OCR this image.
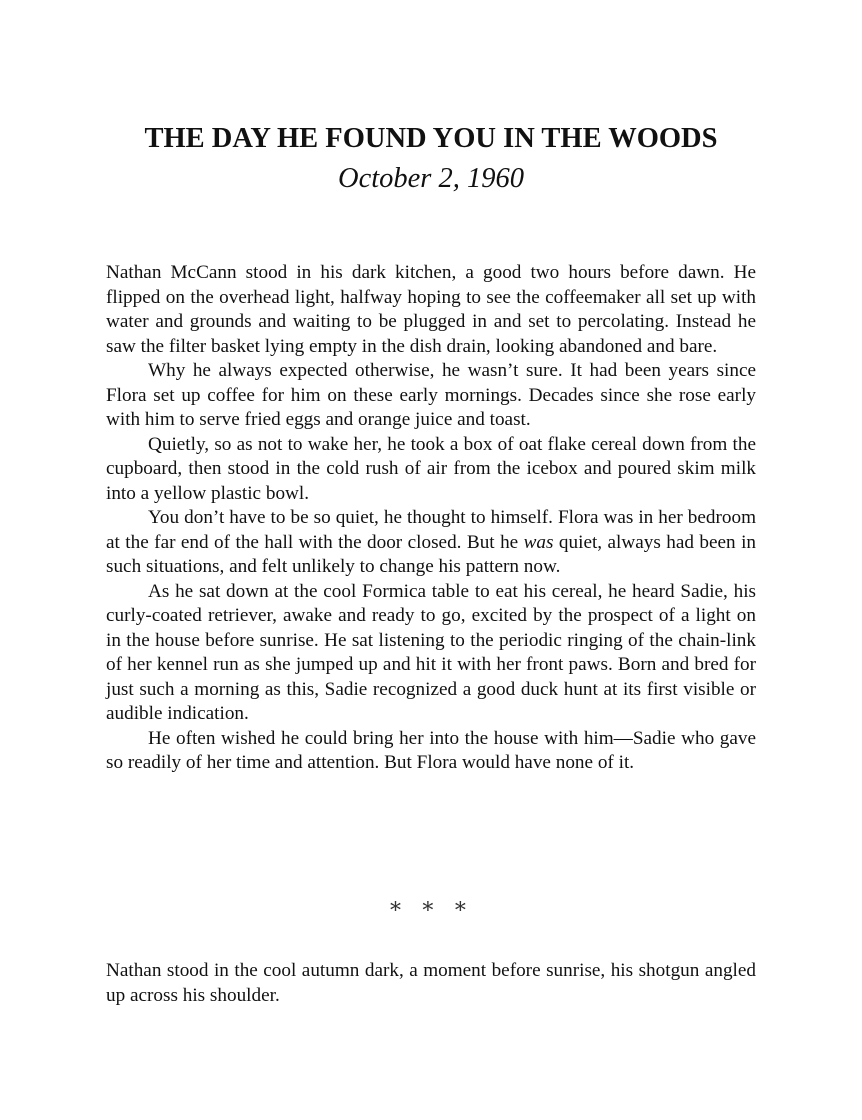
THE DAY HE FOUND YOU IN THE WOODS
October 2, 1960

Nathan McCann stood in his dark kitchen, a good two hours before dawn. He flipped on the overhead light, halfway hoping to see the coffeemaker all set up with water and grounds and waiting to be plugged in and set to percolating. Instead he saw the filter basket lying empty in the dish drain, looking abandoned and bare.

Why he always expected otherwise, he wasn’t sure. It had been years since Flora set up coffee for him on these early mornings. Decades since she rose early with him to serve fried eggs and orange juice and toast.

Quietly, so as not to wake her, he took a box of oat flake cereal down from the cupboard, then stood in the cold rush of air from the icebox and poured skim milk into a yellow plastic bowl.

You don’t have to be so quiet, he thought to himself. Flora was in her bedroom at the far end of the hall with the door closed. But he was quiet, always had been in such situations, and felt unlikely to change his pattern now.

As he sat down at the cool Formica table to eat his cereal, he heard Sadie, his curly-coated retriever, awake and ready to go, excited by the prospect of a light on in the house before sunrise. He sat listening to the periodic ringing of the chain-link of her kennel run as she jumped up and hit it with her front paws. Born and bred for just such a morning as this, Sadie recognized a good duck hunt at its first visible or audible indication.

He often wished he could bring her into the house with him—Sadie who gave so readily of her time and attention. But Flora would have none of it.

∗ ∗ ∗

Nathan stood in the cool autumn dark, a moment before sunrise, his shotgun angled up across his shoulder.
